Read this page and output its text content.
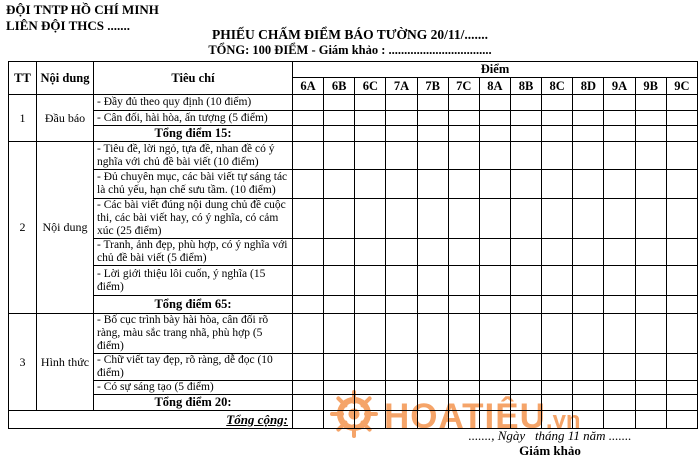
HOATIÊU .vn
ĐỘI TNTP HỒ CHÍ MINH
LIÊN ĐỘI THCS .......
PHIẾU CHẤM ĐIỂM BÁO TƯỜNG 20/11/.......
TỔNG: 100 ĐIỂM - Giám khảo : .................................
TT	Nội dung	Tiêu chí	Điểm												
			6A	6B	6C	7A	7B	7C	8A	8B	8C	8D	9A	9B	9C
1	Đầu báo	- Đầy đủ theo quy định (10 điểm)													
		- Cân đối, hài hòa, ấn tượng (5 điểm)													
		Tổng điểm 15:													
2	Nội dung	- Tiêu đề, lời ngỏ, tựa đề, nhan đề có ý nghĩa với chủ đề bài viết (10 điểm)													
		- Đủ chuyên mục, các bài viết tự sáng tác là chủ yếu, hạn chế sưu tầm. (10 điểm)													
		- Các bài viết đúng nội dung chủ đề cuộc thi, các bài viết hay, có ý nghĩa, có cảm xúc (25 điểm)													
		- Tranh, ảnh đẹp, phù hợp, có ý nghĩa với chủ đề bài viết (5 điểm)													
		- Lời giới thiệu lôi cuốn, ý nghĩa (15 điểm)													
		Tổng điểm 65:													
3	Hình thức	- Bố cục trình bày hài hòa, cân đối rõ ràng, màu sắc trang nhã, phù hợp (5 điểm)													
		- Chữ viết tay đẹp, rõ ràng, dễ đọc (10 điểm)													
		- Có sự sáng tạo (5 điểm)													
		Tổng điểm 20:													
Tổng cộng:															
......., Ngày   tháng 11 năm .......
Giám khảo
